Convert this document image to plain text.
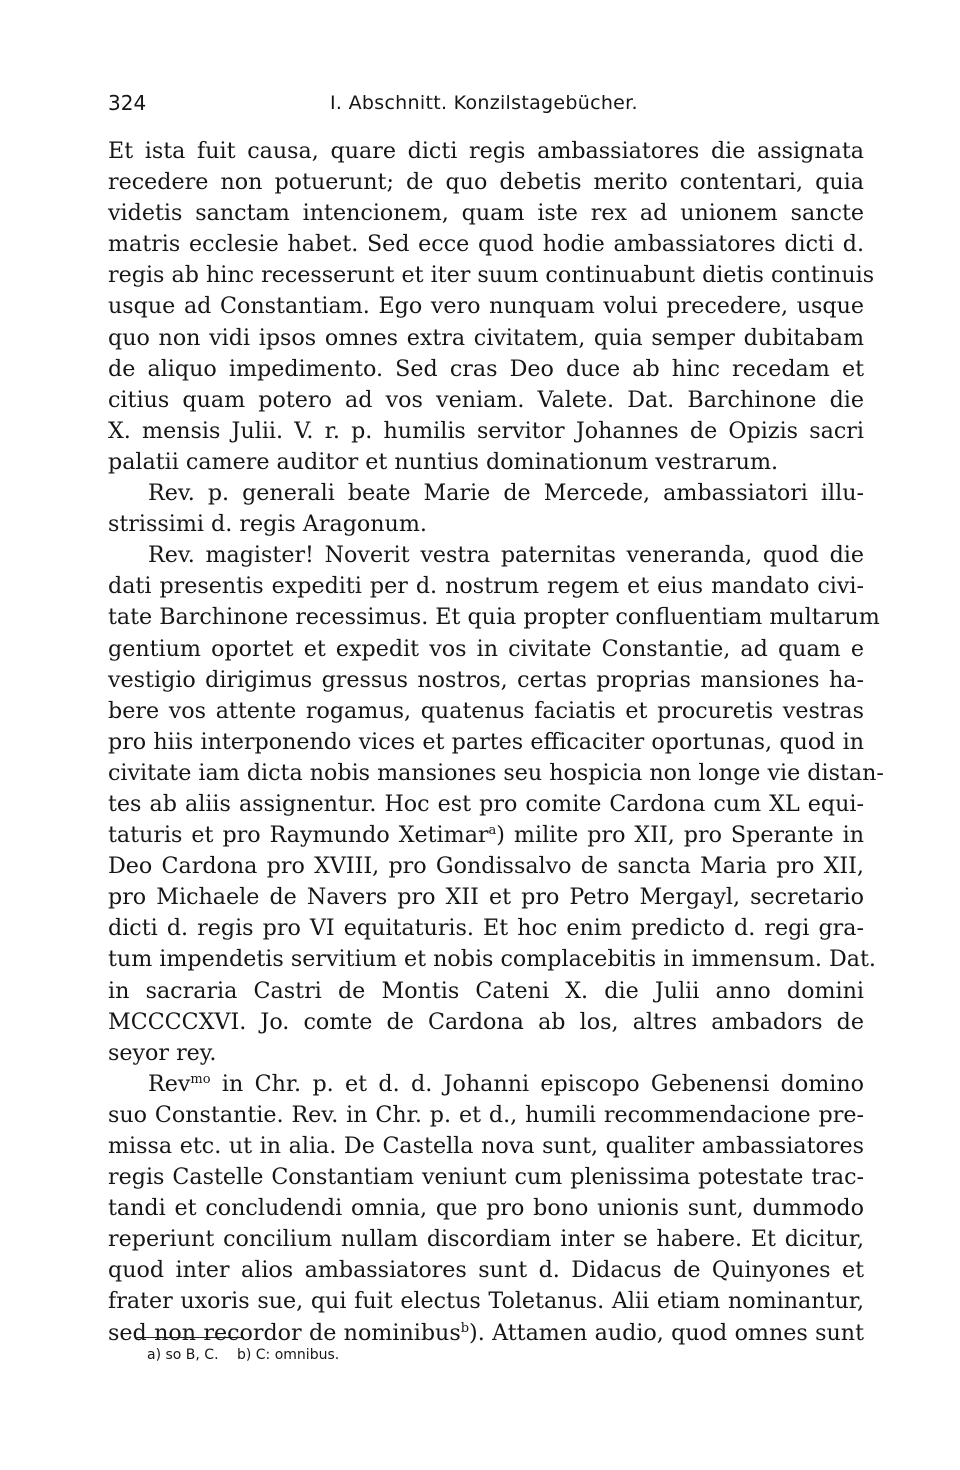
324	I. Abschnitt. Konzilstagebücher.
Et ista fuit causa, quare dicti regis ambassiatores die assignata
recedere non potuerunt; de quo debetis merito contentari, quia
videtis sanctam intencionem, quam iste rex ad unionem sancte
matris ecclesie habet. Sed ecce quod hodie ambassiatores dicti d.
regis ab hinc recesserunt et iter suum continuabunt dietis continuis
usque ad Constantiam. Ego vero nunquam volui precedere, usque
quo non vidi ipsos omnes extra civitatem, quia semper dubitabam
de aliquo impedimento. Sed cras Deo duce ab hinc recedam et
citius quam potero ad vos veniam. Valete. Dat. Barchinone die
X. mensis Julii. V. r. p. humilis servitor Johannes de Opizis sacri
palatii camere auditor et nuntius dominationum vestrarum.
Rev. p. generali beate Marie de Mercede, ambassiatori illu-
strissimi d. regis Aragonum.
Rev. magister! Noverit vestra paternitas veneranda, quod die
dati presentis expediti per d. nostrum regem et eius mandato civi-
tate Barchinone recessimus. Et quia propter confluentiam multarum
gentium oportet et expedit vos in civitate Constantie, ad quam e
vestigio dirigimus gressus nostros, certas proprias mansiones ha-
bere vos attente rogamus, quatenus faciatis et procuretis vestras
pro hiis interponendo vices et partes efficaciter oportunas, quod in
civitate iam dicta nobis mansiones seu hospicia non longe vie distan-
tes ab aliis assignentur. Hoc est pro comite Cardona cum XL equi-
taturis et pro Raymundo Xetimar$^a$) milite pro XII, pro Sperante in
Deo Cardona pro XVIII, pro Gondissalvo de sancta Maria pro XII,
pro Michaele de Navers pro XII et pro Petro Mergayl, secretario
dicti d. regis pro VI equitaturis. Et hoc enim predicto d. regi gra-
tum impendetis servitium et nobis complacebitis in immensum. Dat.
in sacraria Castri de Montis Cateni X. die Julii anno domini
MCCCCXVI. Jo. comte de Cardona ab los, altres ambadors de
seyor rey.
Rev$^{mo}$ in Chr. p. et d. d. Johanni episcopo Gebenensi domino
suo Constantie. Rev. in Chr. p. et d., humili recommendacione pre-
missa etc. ut in alia. De Castella nova sunt, qualiter ambassiatores
regis Castelle Constantiam veniunt cum plenissima potestate trac-
tandi et concludendi omnia, que pro bono unionis sunt, dummodo
reperiunt concilium nullam discordiam inter se habere. Et dicitur,
quod inter alios ambassiatores sunt d. Didacus de Quinyones et
frater uxoris sue, qui fuit electus Toletanus. Alii etiam nominantur,
sed non recordor de nominibus$^b$). Attamen audio, quod omnes sunt
a) so B, C. b) C: omnibus.
